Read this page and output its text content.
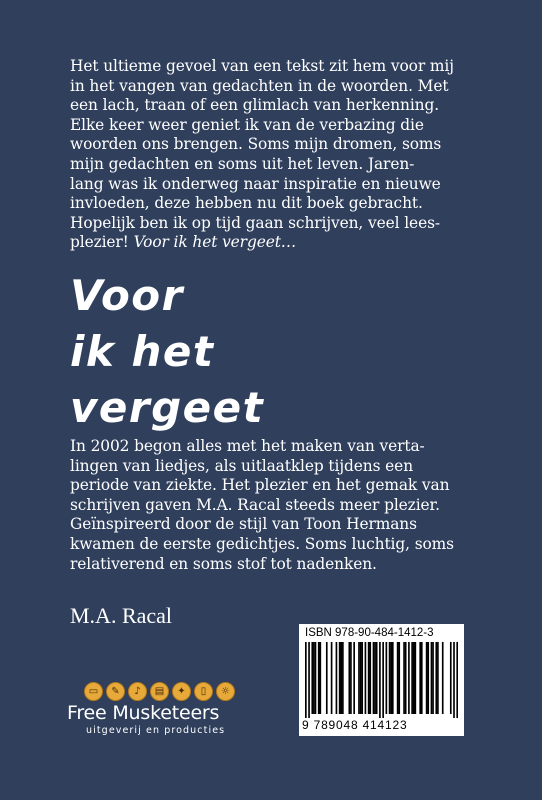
Het ultieme gevoel van een tekst zit hem voor mij
in het vangen van gedachten in de woorden. Met
een lach, traan of een glimlach van herkenning.
Elke keer weer geniet ik van de verbazing die
woorden ons brengen. Soms mijn dromen, soms
mijn gedachten en soms uit het leven. Jaren-
lang was ik onderweg naar inspiratie en nieuwe
invloeden, deze hebben nu dit boek gebracht.
Hopelijk ben ik op tijd gaan schrijven, veel lees-
plezier! Voor ik het vergeet…
Voor
ik het
vergeet
In 2002 begon alles met het maken van verta-
lingen van liedjes, als uitlaatklep tijdens een
periode van ziekte. Het plezier en het gemak van
schrijven gaven M.A. Racal steeds meer plezier.
Geïnspireerd door de stijl van Toon Hermans
kwamen de eerste gedichtjes. Soms luchtig, soms
relativerend en soms stof tot nadenken.
M.A. Racal
ISBN 978-90-484-1412-3
9 789048 414123
▭	✎	♪	▤	✦	▯	☼
Free Musketeers
uitgeverij en producties
